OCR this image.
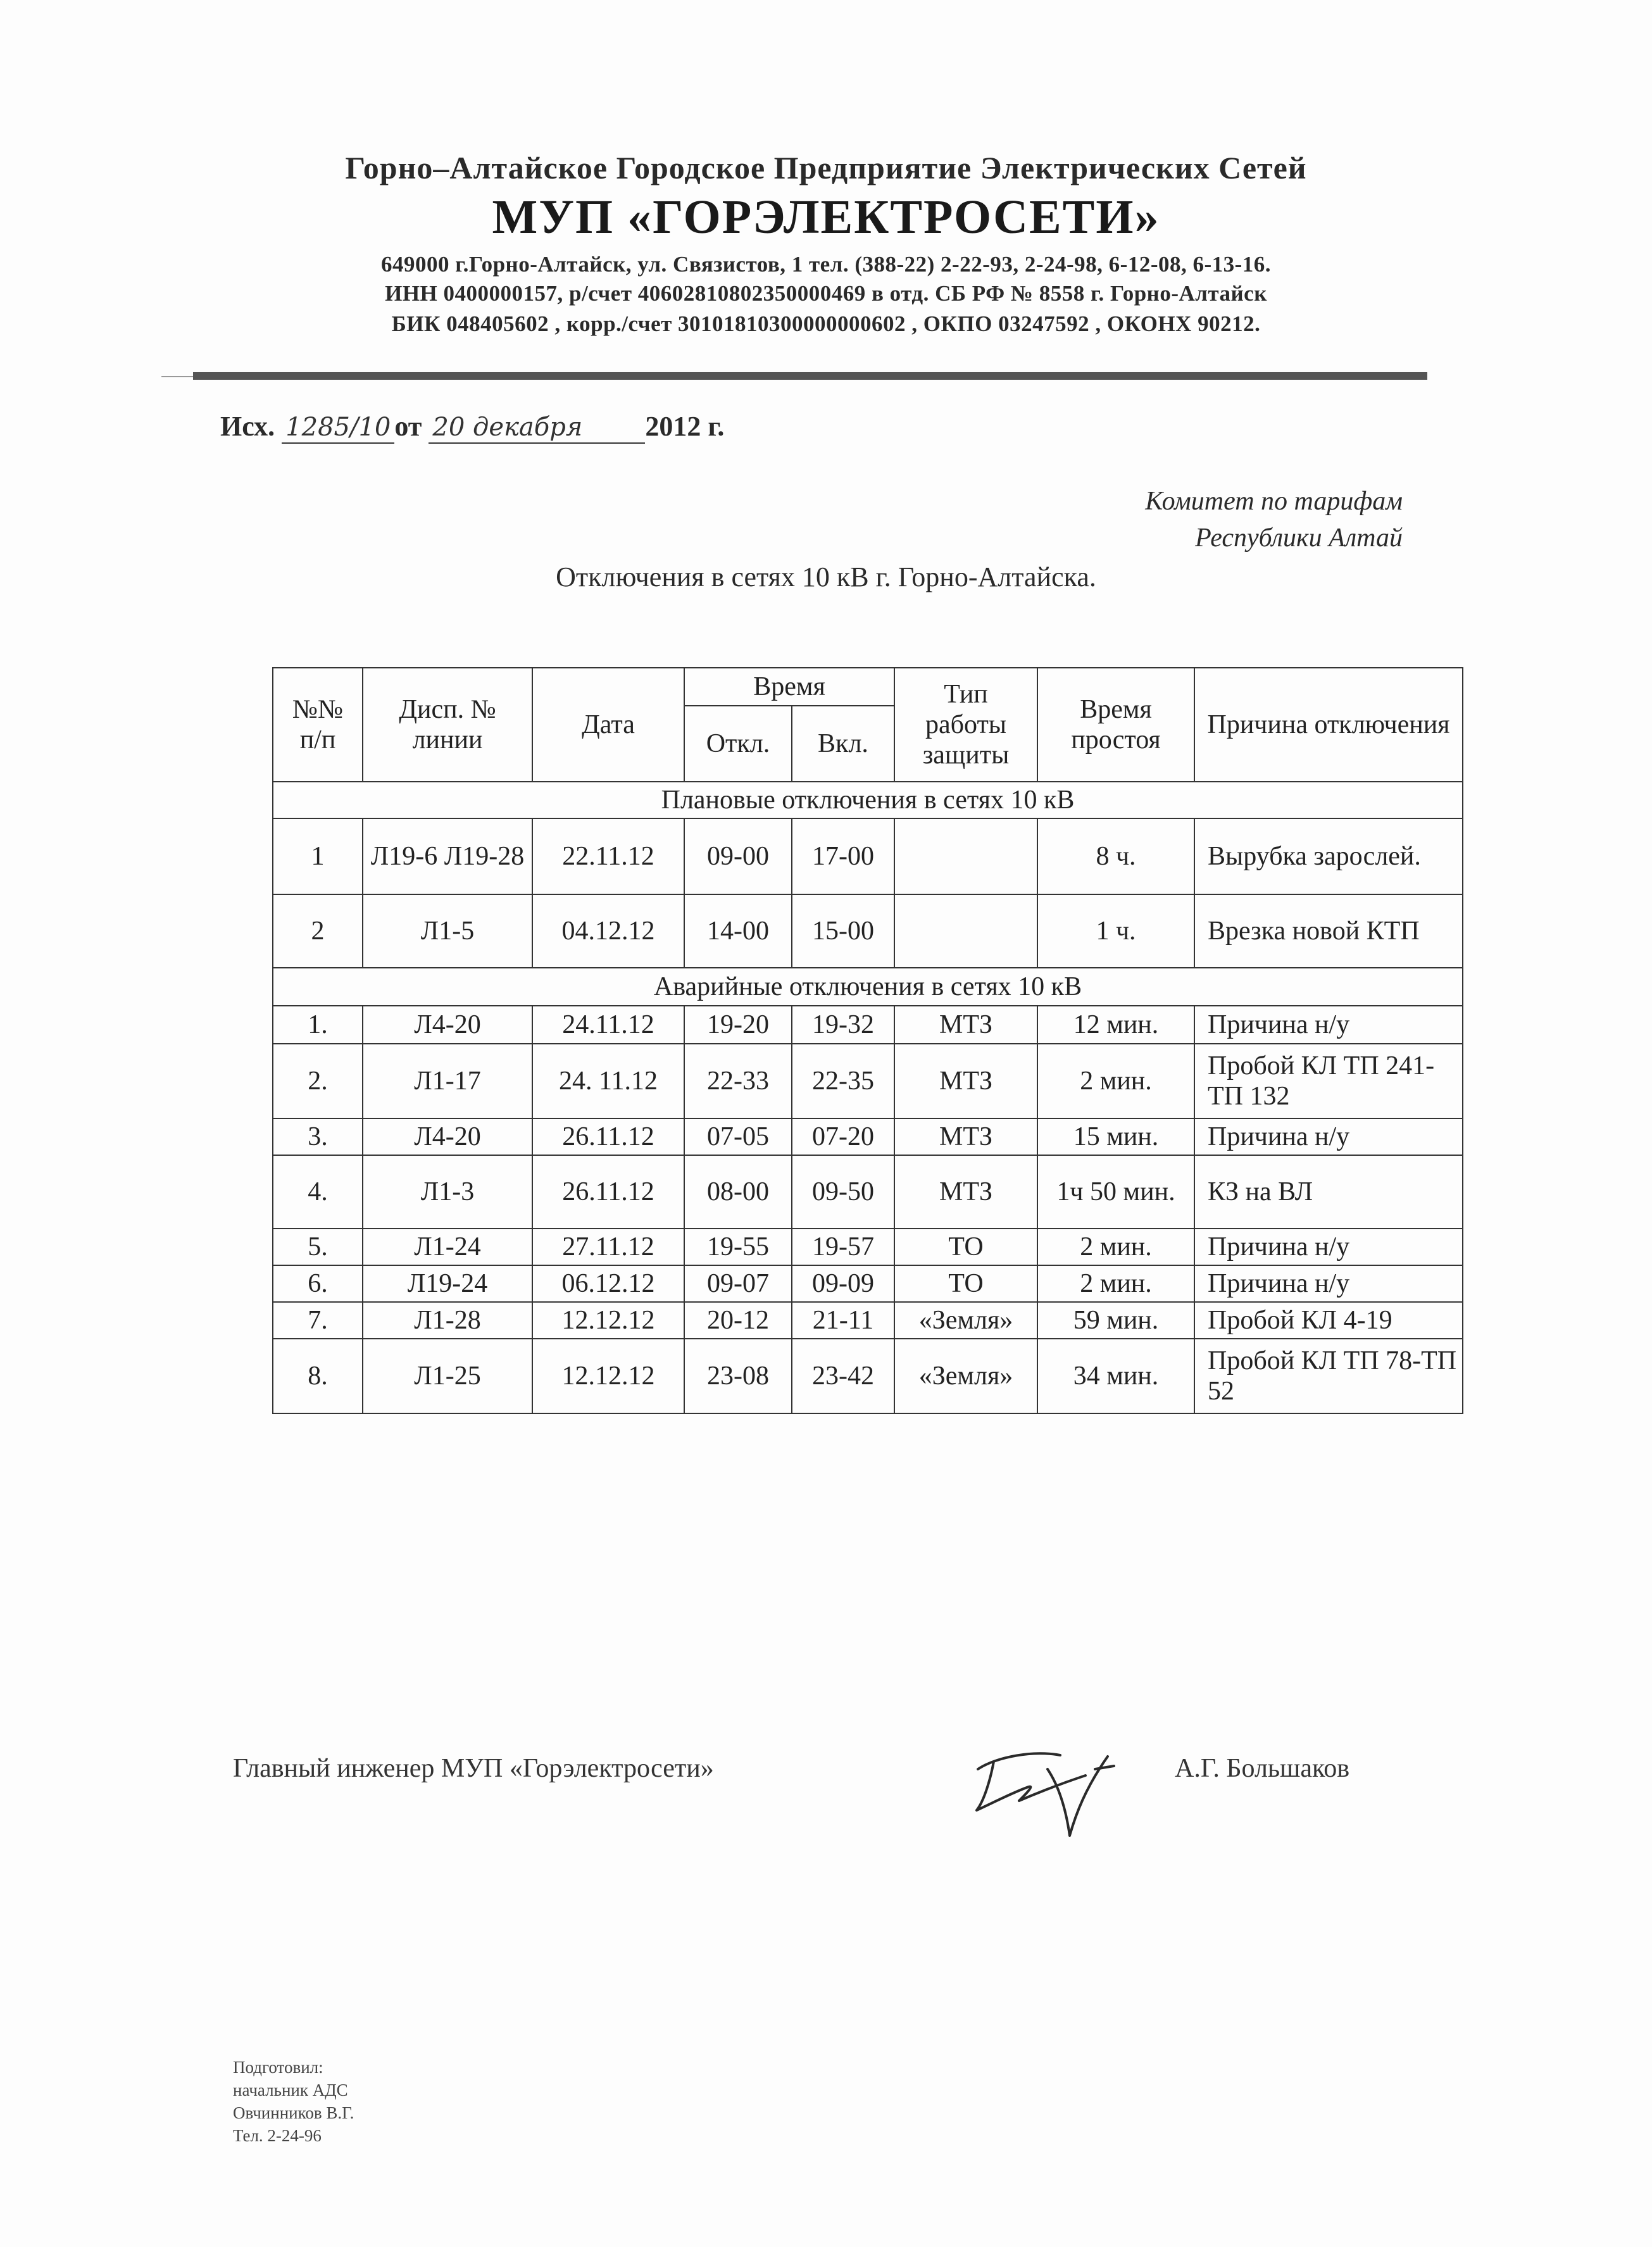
Горно–Алтайское Городское Предприятие Электрических Сетей
МУП «ГОРЭЛЕКТРОСЕТИ»
649000 г.Горно-Алтайск, ул. Связистов, 1 тел. (388-22) 2-22-93, 2-24-98, 6-12-08, 6-13-16.
ИНН 0400000157, р/счет 40602810802350000469 в отд. СБ РФ № 8558 г. Горно-Алтайск
БИК 048405602 , корр./счет 30101810300000000602 , ОКПО 03247592 , ОКОНХ 90212.
Исх. 1285/10 от 20 декабря 2012 г.
Комитет по тарифам
Республики Алтай
Отключения в сетях 10 кВ г. Горно-Алтайска.
№№ п/п	Дисп. № линии	Дата	Время		Тип работы защиты	Время простоя	Причина отключения
			Откл.	Вкл.			
Плановые отключения в сетях 10 кВ							
1	Л19-6 Л19-28	22.11.12	09-00	17-00		8 ч.	Вырубка зарослей.
2	Л1-5	04.12.12	14-00	15-00		1 ч.	Врезка новой КТП
Аварийные отключения в сетях 10 кВ							
1.	Л4-20	24.11.12	19-20	19-32	МТЗ	12 мин.	Причина н/у
2.	Л1-17	24. 11.12	22-33	22-35	МТЗ	2 мин.	Пробой КЛ ТП 241-ТП 132
3.	Л4-20	26.11.12	07-05	07-20	МТЗ	15 мин.	Причина н/у
4.	Л1-3	26.11.12	08-00	09-50	МТЗ	1ч 50 мин.	КЗ на ВЛ
5.	Л1-24	27.11.12	19-55	19-57	ТО	2 мин.	Причина н/у
6.	Л19-24	06.12.12	09-07	09-09	ТО	2 мин.	Причина н/у
7.	Л1-28	12.12.12	20-12	21-11	«Земля»	59 мин.	Пробой КЛ 4-19
8.	Л1-25	12.12.12	23-08	23-42	«Земля»	34 мин.	Пробой КЛ ТП 78-ТП 52
Главный инженер МУП «Горэлектросети»	А.Г. Большаков
Подготовил:
начальник АДС
Овчинников В.Г.
Тел. 2-24-96
